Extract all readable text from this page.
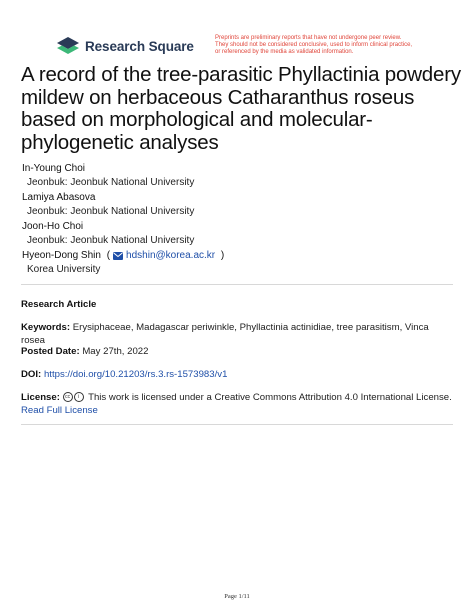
Research Square
Preprints are preliminary reports that have not undergone peer review.
They should not be considered conclusive, used to inform clinical practice,
or referenced by the media as validated information.
A record of the tree-parasitic Phyllactinia powdery mildew on herbaceous Catharanthus roseus based on morphological and molecular-phylogenetic analyses
In-Young Choi
Jeonbuk: Jeonbuk National University
Lamiya Abasova
Jeonbuk: Jeonbuk National University
Joon-Ho Choi
Jeonbuk: Jeonbuk National University
Hyeon-Dong Shin ( hdshin@korea.ac.kr )
Korea University
Research Article
Keywords: Erysiphaceae, Madagascar periwinkle, Phyllactinia actinidiae, tree parasitism, Vinca rosea
Posted Date: May 27th, 2022
DOI: https://doi.org/10.21203/rs.3.rs-1573983/v1
License:	cc	i This work is licensed under a Creative Commons Attribution 4.0 International License.
Read Full License
Page 1/11
